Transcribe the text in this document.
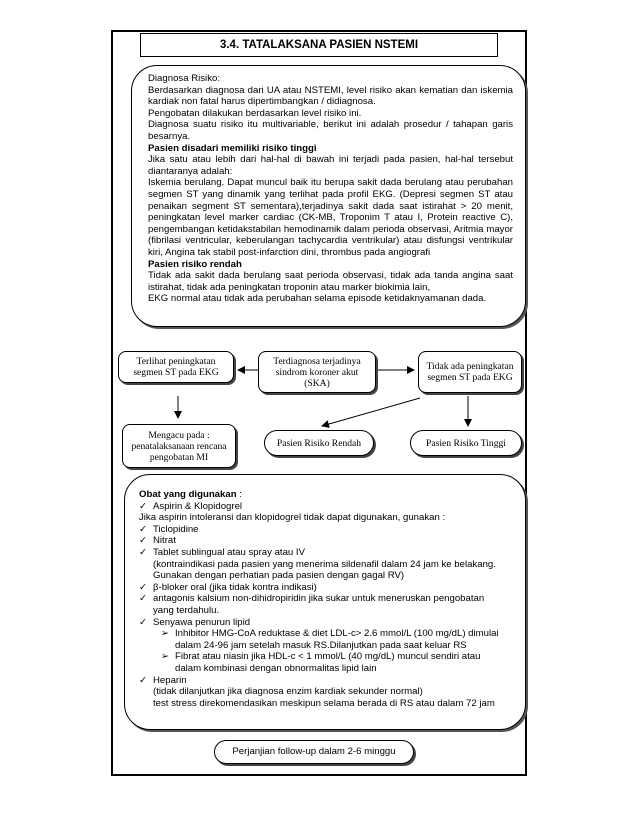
3.4. TATALAKSANA PASIEN NSTEMI

Diagnosa Risiko:

Berdasarkan diagnosa dari UA atau NSTEMI, level risiko akan kematian dan iskemia kardiak non fatal harus dipertimbangkan / didiagnosa.

Pengobatan dilakukan berdasarkan level risiko ini.

Diagnosa suatu risiko itu multivariable, berikut ini adalah prosedur / tahapan garis besarnya.

Pasien disadari memiliki risiko tinggi

Jika satu atau lebih dari hal-hal di bawah ini terjadi pada pasien, hal-hal tersebut diantaranya adalah:

Iskemia berulang. Dapat muncul baik itu berupa sakit dada berulang atau perubahan segmen ST yang dinamik yang terlihat pada profil EKG. (Depresi segmen ST atau penaikan segment ST sementara),terjadinya sakit dada saat istirahat > 20 menit, peningkatan level marker cardiac (CK-MB, Troponim T atau I, Protein reactive C), pengembangan ketidakstabilan hemodinamik dalam perioda observasi, Aritmia mayor (fibrilasi ventricular, keberulangan tachycardia ventrikular) atau disfungsi ventrikular kiri, Angina tak stabil post-infarction dini, thrombus pada angiografi

Pasien risiko rendah

Tidak ada sakit dada berulang saat perioda observasi, tidak ada tanda angina saat istirahat, tidak ada peningkatan troponin atau marker biokimia lain,

EKG normal atau tidak ada perubahan selama episode ketidaknyamanan dada.

Terlihat peningkatan segmen ST pada EKG
Terdiagnosa terjadinya sindrom koroner akut (SKA)
Tidak ada peningkatan segmen ST pada EKG
Mengacu pada : penatalaksanaan rencana pengobatan MI
Pasien Risiko Rendah	Pasien Risiko Tinggi
Obat yang digunakan :
✓ Aspirin & Klopidogrel
Jika aspirin intoleransi dan klopidogrel tidak dapat digunakan, gunakan :
✓ Ticlopidine
✓ Nitrat
✓ Tablet sublingual atau spray atau IV
(kontraindikasi pada pasien yang menerima sildenafil dalam 24 jam ke belakang.
Gunakan dengan perhatian pada pasien dengan gagal RV)
✓ β-bloker oral (jika tidak kontra indikasi)
✓ antagonis kalsium non-dihidropiridin jika sukar untuk meneruskan pengobatan
yang terdahulu.
✓ Senyawa penurun lipid
➢ Inhibitor HMG-CoA reduktase & diet LDL-c> 2.6 mmol/L (100 mg/dL) dimulai
dalam 24-96 jam setelah masuk RS.Dilanjutkan pada saat keluar RS
➢ Fibrat atau niasin jika HDL-c < 1 mmol/L (40 mg/dL) muncul sendiri atau
dalam kombinasi dengan obnormalitas lipid lain
✓ Heparin
(tidak dilanjutkan jika diagnosa enzim kardiak sekunder normal)
test stress direkomendasikan meskipun selama berada di RS atau dalam 72 jam
Perjanjian follow-up dalam 2-6 minggu
